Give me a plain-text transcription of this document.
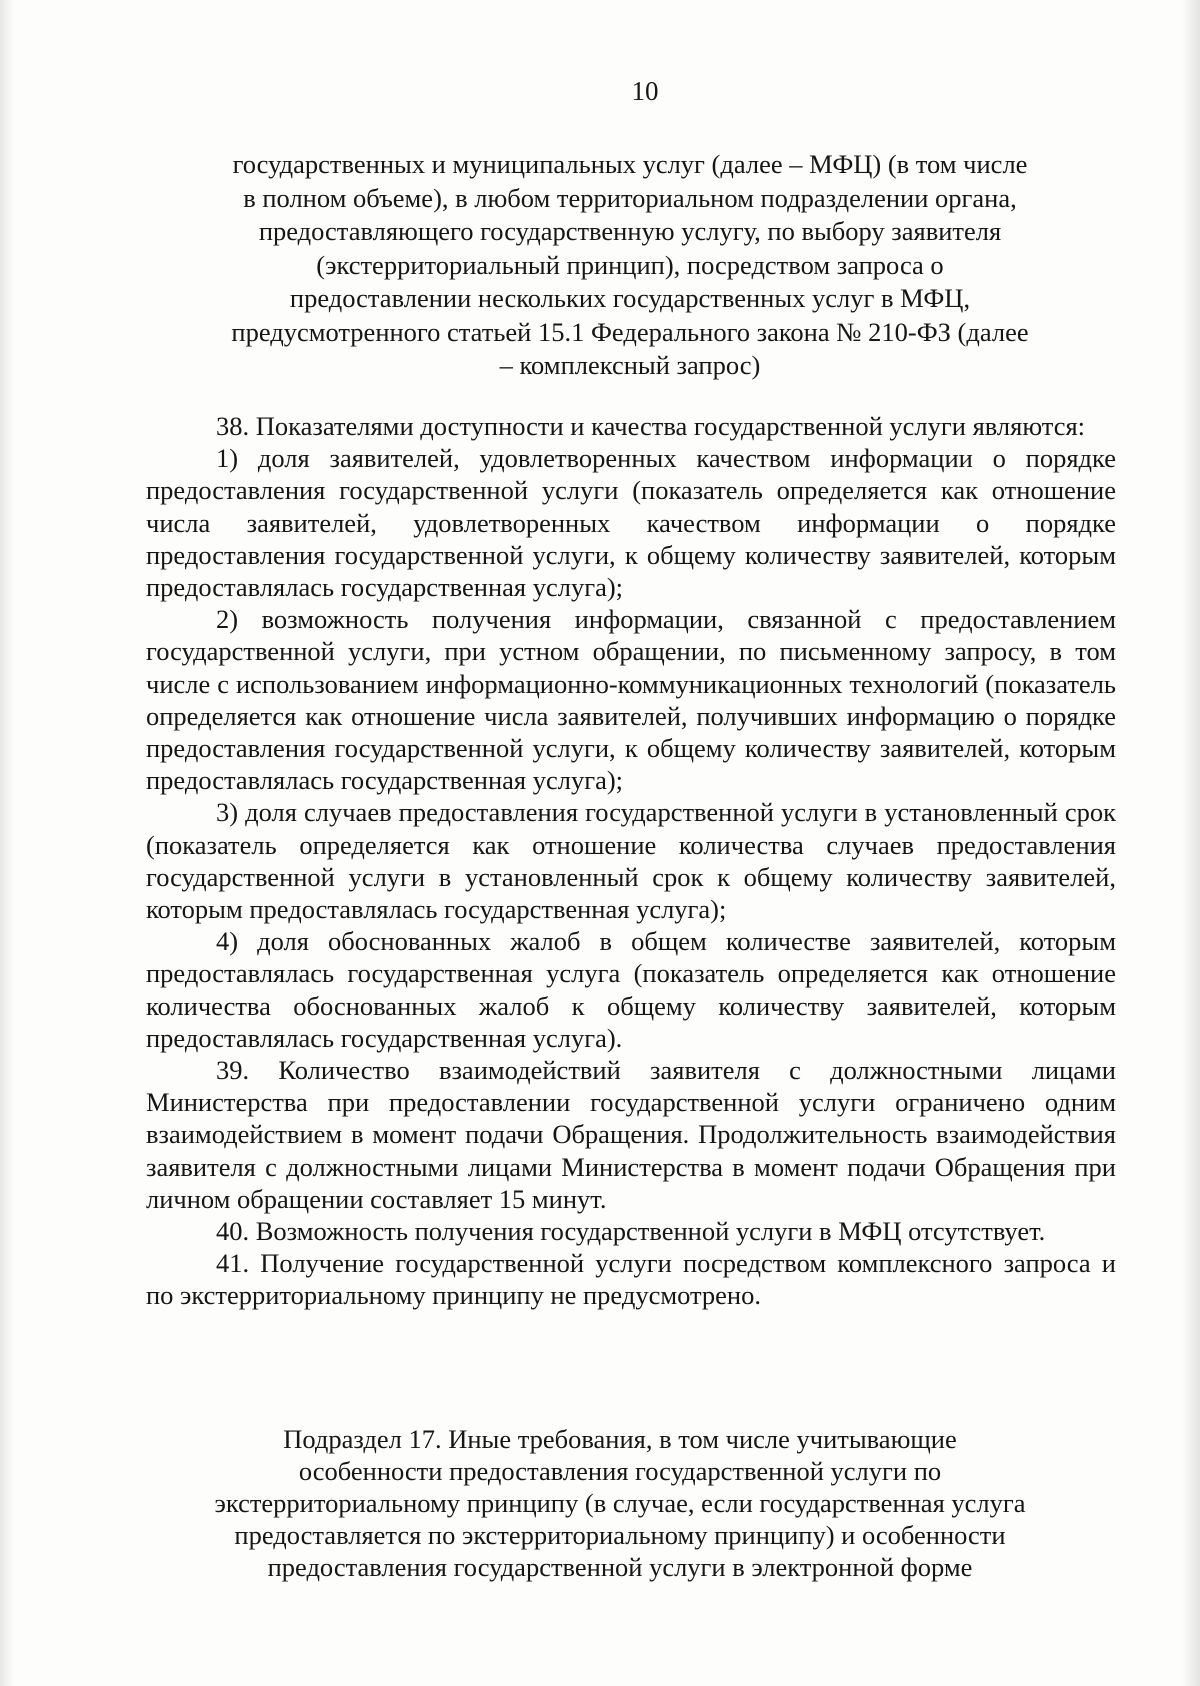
10
государственных и муниципальных услуг (далее – МФЦ) (в том числе в полном объеме), в любом территориальном подразделении органа, предоставляющего государственную услугу, по выбору заявителя (экстерриториальный принцип), посредством запроса о предоставлении нескольких государственных услуг в МФЦ, предусмотренного статьей 15.1 Федерального закона № 210-ФЗ (далее – комплексный запрос)

38. Показателями доступности и качества государственной услуги являются:

1) доля заявителей, удовлетворенных качеством информации о порядке предоставления государственной услуги (показатель определяется как отношение числа заявителей, удовлетворенных качеством информации о порядке предоставления государственной услуги, к общему количеству заявителей, которым предоставлялась государственная услуга);

2) возможность получения информации, связанной с предоставлением государственной услуги, при устном обращении, по письменному запросу, в том числе с использованием информационно-коммуникационных технологий (показатель определяется как отношение числа заявителей, получивших информацию о порядке предоставления государственной услуги, к общему количеству заявителей, которым предоставлялась государственная услуга);

3) доля случаев предоставления государственной услуги в установленный срок (показатель определяется как отношение количества случаев предоставления государственной услуги в установленный срок к общему количеству заявителей, которым предоставлялась государственная услуга);

4) доля обоснованных жалоб в общем количестве заявителей, которым предоставлялась государственная услуга (показатель определяется как отношение количества обоснованных жалоб к общему количеству заявителей, которым предоставлялась государственная услуга).

39. Количество взаимодействий заявителя с должностными лицами Министерства при предоставлении государственной услуги ограничено одним взаимодействием в момент подачи Обращения. Продолжительность взаимодействия заявителя с должностными лицами Министерства в момент подачи Обращения при личном обращении составляет 15 минут.

40. Возможность получения государственной услуги в МФЦ отсутствует.

41. Получение государственной услуги посредством комплексного запроса и по экстерриториальному принципу не предусмотрено.

Подраздел 17. Иные требования, в том числе учитывающие особенности предоставления государственной услуги по экстерриториальному принципу (в случае, если государственная услуга предоставляется по экстерриториальному принципу) и особенности предоставления государственной услуги в электронной форме
